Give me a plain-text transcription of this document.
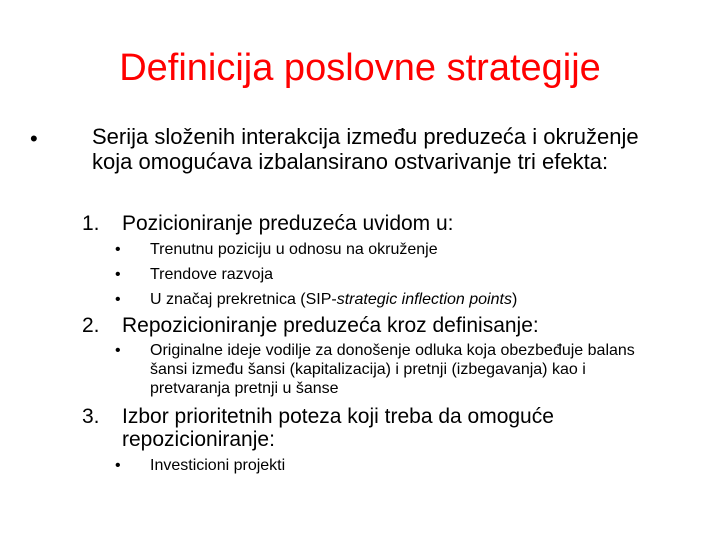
Definicija poslovne strategije
• Serija složenih interakcija između preduzeća i okruženje koja omogućava izbalansirano ostvarivanje tri efekta:
1. Pozicioniranje preduzeća uvidom u:
• Trenutnu poziciju u odnosu na okruženje
• Trendove razvoja
• U značaj prekretnica (SIP-strategic inflection points)
2. Repozicioniranje preduzeća kroz definisanje:
• Originalne ideje vodilje za donošenje odluka koja obezbeđuje balans šansi između šansi (kapitalizacija) i pretnji (izbegavanja) kao i pretvaranja pretnji u šanse
3. Izbor prioritetnih poteza koji treba da omoguće repozicioniranje:
• Investicioni projekti
